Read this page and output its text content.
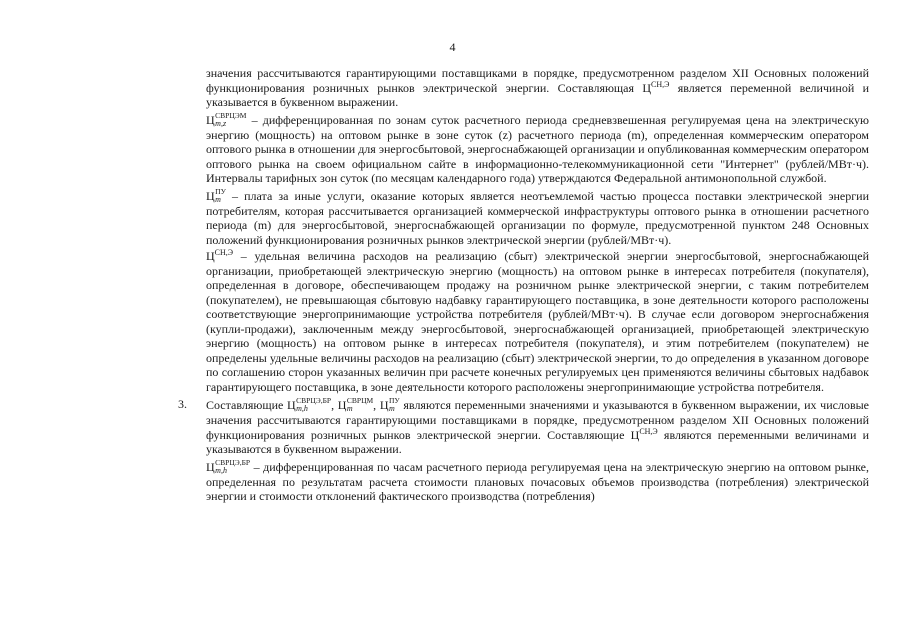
4

значения рассчитываются гарантирующими поставщиками в порядке, предусмотренном разделом XII Основных положений функционирования розничных рынков электрической энергии. Составляющая $Ц^{СН,Э}$ является переменной величиной и указывается в буквенном выражении.

Ц СВРЦЭМ
m,z	– дифференцированная по зонам суток расчетного периода средневзвешенная регулируемая цена на электрическую энергию (мощность) на оптовом рынке в зоне суток (z) расчетного периода (m), определенная коммерческим оператором оптового рынка в отношении для энергосбытовой, энергоснабжающей организации и опубликованная коммерческим оператором оптового рынка на своем официальном сайте в информационно-телекоммуникационной сети "Интернет" (рублей/МВт·ч). Интервалы тарифных зон суток (по месяцам календарного года) утверждаются Федеральной антимонопольной службой.

Ц ПУ
m – плата за иные услуги, оказание которых является неотъемлемой частью процесса поставки электрической энергии потребителям, которая рассчитывается организацией коммерческой инфраструктуры оптового рынка в отношении расчетного периода (m) для энергосбытовой, энергоснабжающей организации по формуле, предусмотренной пунктом 248 Основных положений функционирования розничных рынков электрической энергии (рублей/МВт·ч).

$Ц^{СН,Э}$ – удельная величина расходов на реализацию (сбыт) электрической энергии энергосбытовой, энергоснабжающей организации, приобретающей электрическую энергию (мощность) на оптовом рынке в интересах потребителя (покупателя), определенная в договоре, обеспечивающем продажу на розничном рынке электрической энергии, с таким потребителем (покупателем), не превышающая сбытовую надбавку гарантирующего поставщика, в зоне деятельности которого расположены соответствующие энергопринимающие устройства потребителя (рублей/МВт·ч). В случае если договором энергоснабжения (купли-продажи), заключенным между энергосбытовой, энергоснабжающей организацией, приобретающей электрическую энергию (мощность) на оптовом рынке в интересах потребителя (покупателя), и этим потребителем (покупателем) не определены удельные величины расходов на реализацию (сбыт) электрической энергии, то до определения в указанном договоре по соглашению сторон указанных величин при расчете конечных регулируемых цен применяются величины сбытовых надбавок гарантирующего поставщика, в зоне деятельности которого расположены энергопринимающие устройства потребителя.

3. Составляющие Ц СВРЦЭ,БР
m,h	, Ц СВРЦМ
m	, Ц ПУ
m являются переменными значениями и указываются в буквенном выражении, их числовые значения рассчитываются гарантирующими поставщиками в порядке, предусмотренном разделом XII Основных положений функционирования розничных рынков электрической энергии. Составляющие $Ц^{СН,Э}$ являются переменными величинами и указываются в буквенном выражении.

Ц СВРЦЭ,БР
m,h	– дифференцированная по часам расчетного периода регулируемая цена на электрическую энергию на оптовом рынке, определенная по результатам расчета стоимости плановых почасовых объемов производства (потребления) электрической энергии и стоимости отклонений фактического производства (потребления)
